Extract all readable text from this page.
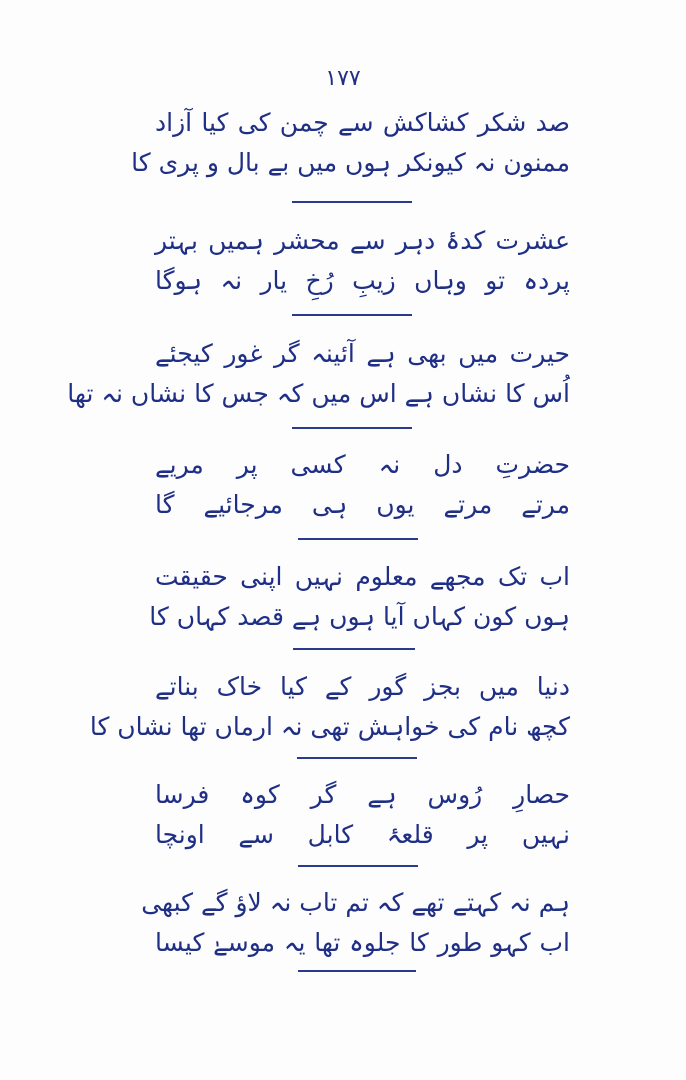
۱۷۷
صد شکر کشاکش سے چمن کی کیا آزاد
ممنون نہ کیونکر ہوں میں بے بال و پری کا
عشرت کدۂ دہر سے محشر ہمیں بہتر
پردہ تو وہاں زیبِ رُخِ یار نہ ہوگا
حیرت میں بھی ہے آئینہ گر غور کیجئے
اُس کا نشاں ہے اس میں کہ جس کا نشاں نہ تھا
حضرتِ دل نہ کسی پر مریے
مرتے مرتے یوں ہی مرجائیے گا
اب تک مجھے معلوم نہیں اپنی حقیقت
ہوں کون کہاں آیا ہوں ہے قصد کہاں کا
دنیا میں بجز گور کے کیا خاک بناتے
کچھ نام کی خواہش تھی نہ ارماں تھا نشاں کا
حصارِ رُوس ہے گر کوہ فرسا
نہیں پر قلعۂ کابل سے اونچا
ہم نہ کہتے تھے کہ تم تاب نہ لاؤ گے کبھی
اب کہو طور کا جلوہ تھا یہ موسےٰ کیسا
